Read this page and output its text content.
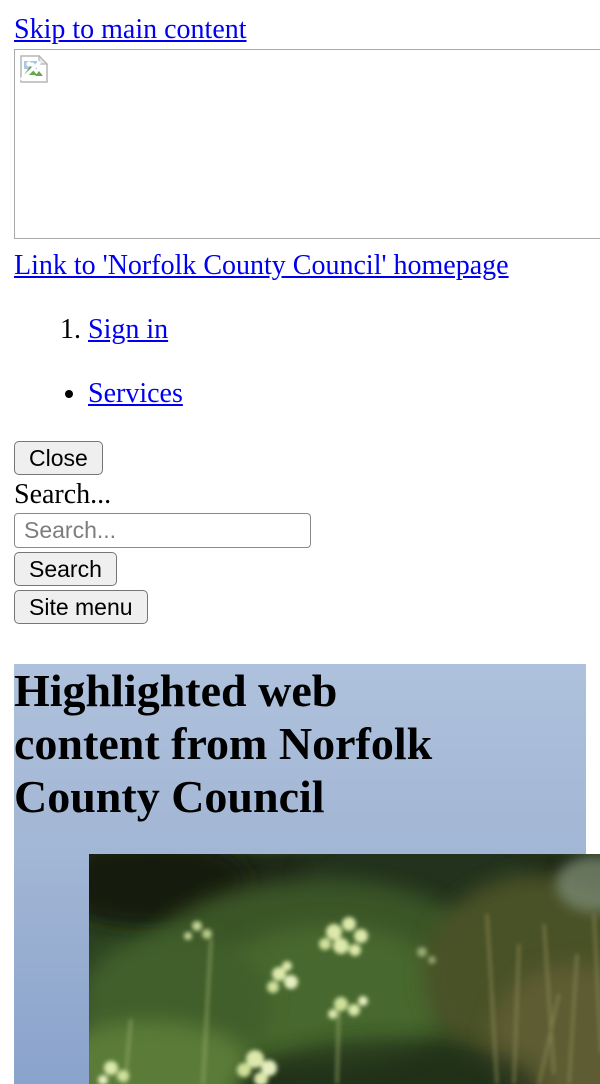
Skip to main content

Link to 'Norfolk County Council' homepage

1. Sign in
• Services
Close
Search...
Search...
Search
Site menu
Highlighted web content from Norfolk County Council
